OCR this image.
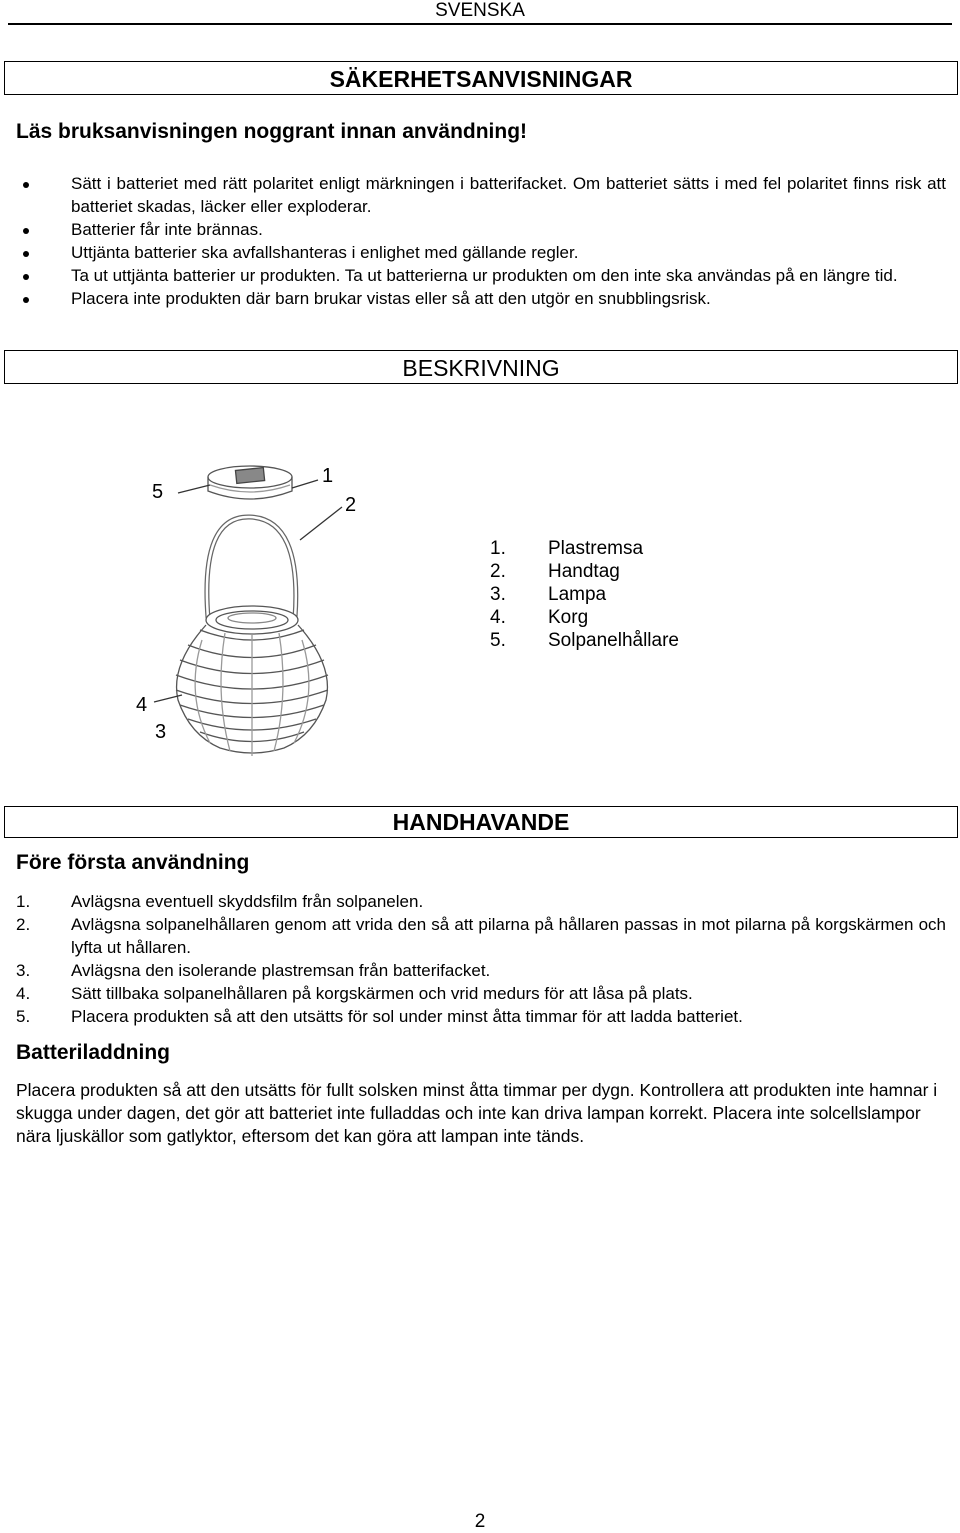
SVENSKA
SÄKERHETSANVISNINGAR
Läs bruksanvisningen noggrant innan användning!
Sätt i batteriet med rätt polaritet enligt märkningen i batterifacket. Om batteriet sätts i med fel polaritet finns risk att batteriet skadas, läcker eller exploderar.
Batterier får inte brännas.
Uttjänta batterier ska avfallshanteras i enlighet med gällande regler.
Ta ut uttjänta batterier ur produkten. Ta ut batterierna ur produkten om den inte ska användas på en längre tid.
Placera inte produkten där barn brukar vistas eller så att den utgör en snubblingsrisk.
BESKRIVNING
5
1
2
4
3
1.	Plastremsa
2.	Handtag
3.	Lampa
4.	Korg
5.	Solpanelhållare
HANDHAVANDE
Före första användning
1.	Avlägsna eventuell skyddsfilm från solpanelen.
2.	Avlägsna solpanelhållaren genom att vrida den så att pilarna på hållaren passas in mot pilarna på korgskärmen och lyfta ut hållaren.
3.	Avlägsna den isolerande plastremsan från batterifacket.
4.	Sätt tillbaka solpanelhållaren på korgskärmen och vrid medurs för att låsa på plats.
5.	Placera produkten så att den utsätts för sol under minst åtta timmar för att ladda batteriet.
Batteriladdning
Placera produkten så att den utsätts för fullt solsken minst åtta timmar per dygn. Kontrollera att produkten inte hamnar i skugga under dagen, det gör att batteriet inte fulladdas och inte kan driva lampan korrekt. Placera inte solcellslampor nära ljuskällor som gatlyktor, eftersom det kan göra att lampan inte tänds.
2
